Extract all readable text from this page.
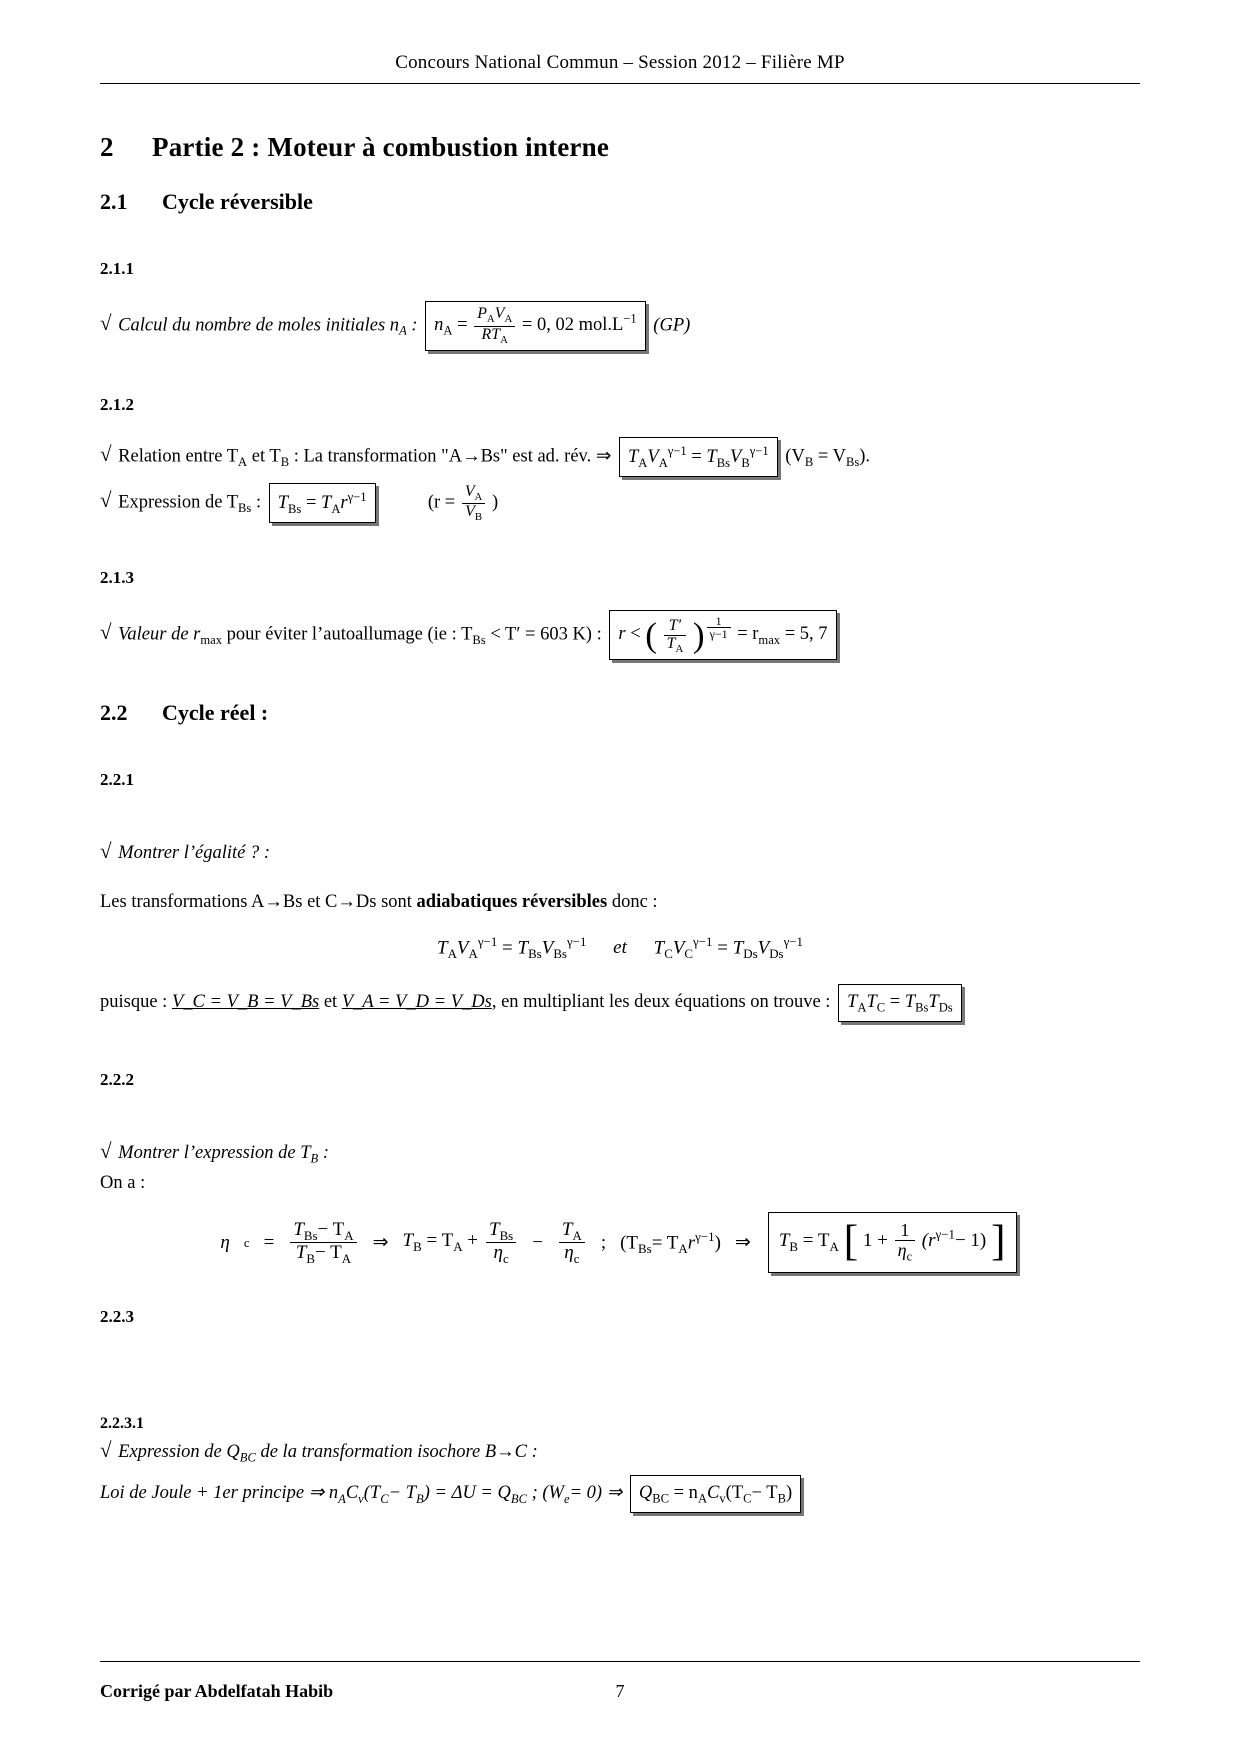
Concours National Commun – Session 2012 – Filière MP
2 Partie 2 : Moteur à combustion interne
2.1 Cycle réversible
2.1.1

√ Calcul du nombre de moles initiales $n_A$ : $n_A = \frac{P_AV_A}{RT_A} = 0$, 02 $mol.L^{-1}$ (GP)

2.1.2

√ Relation entre $T_A$ et $T_B$ : La transformation "A→Bs" est ad. rév. ⇒ $T_AV_A^{\gamma-1} = T_{Bs}V_B^{\gamma-1}$ $(V_B = V_{Bs})$.

√ Expression de $T_{Bs}$ : $T_{Bs} = T_Ar^{\gamma-1}$	($r = \frac{V_A}{V_B}$ )

2.1.3

√ Valeur de $r_{max}$ pour éviter l’autoallumage (ie : $T_{Bs} < T' = 603$ K) : r < ( $\frac{T'}{T_A}$ ) $^{\frac{1}{\gamma-1}} = r_{max} = 5$, 7

2.2 Cycle réel :
2.2.1

√ Montrer l’égalité ? :

Les transformations A→Bs et C→Ds sont adiabatiques réversibles donc :

$T_AV_A^{\gamma-1} = T_{Bs}V_{Bs}^{\gamma-1}$ et $T_CV_C^{\gamma-1} = T_{Ds}V_{Ds}^{\gamma-1}$

puisque : V_C = V_B = V_Bs et V_A = V_D = V_Ds, en multipliant les deux équations on trouve : $T_AT_C = T_{Bs}T_{Ds}$

2.2.2

√ Montrer l’expression de $T_B$ :

On a :

η $c = \frac{T_{Bs}- T_A}{T_B- T_A}$ ⇒ $T_B = T_A + \frac{T_{Bs}}{\eta_c} - \frac{T_A}{\eta_c}$ ; $(T_{Bs}= T_Ar^{\gamma-1})$ ⇒	$T_B = T_A$ [ $1 + \frac{1}{\eta_c} (r^{\gamma-1}- 1)$ ]
2.2.3
2.2.3.1

√ Expression de $Q_{BC}$ de la transformation isochore B→C :

Loi de Joule + 1er principe ⇒ $n_AC_v(T_C- T_B) = \Delta U = Q_{BC}$ ; $(W_e= 0)$ ⇒ $Q_{BC} = n_AC_v(T_C- T_B)$

Corrigé par Abdelfatah Habib	7
